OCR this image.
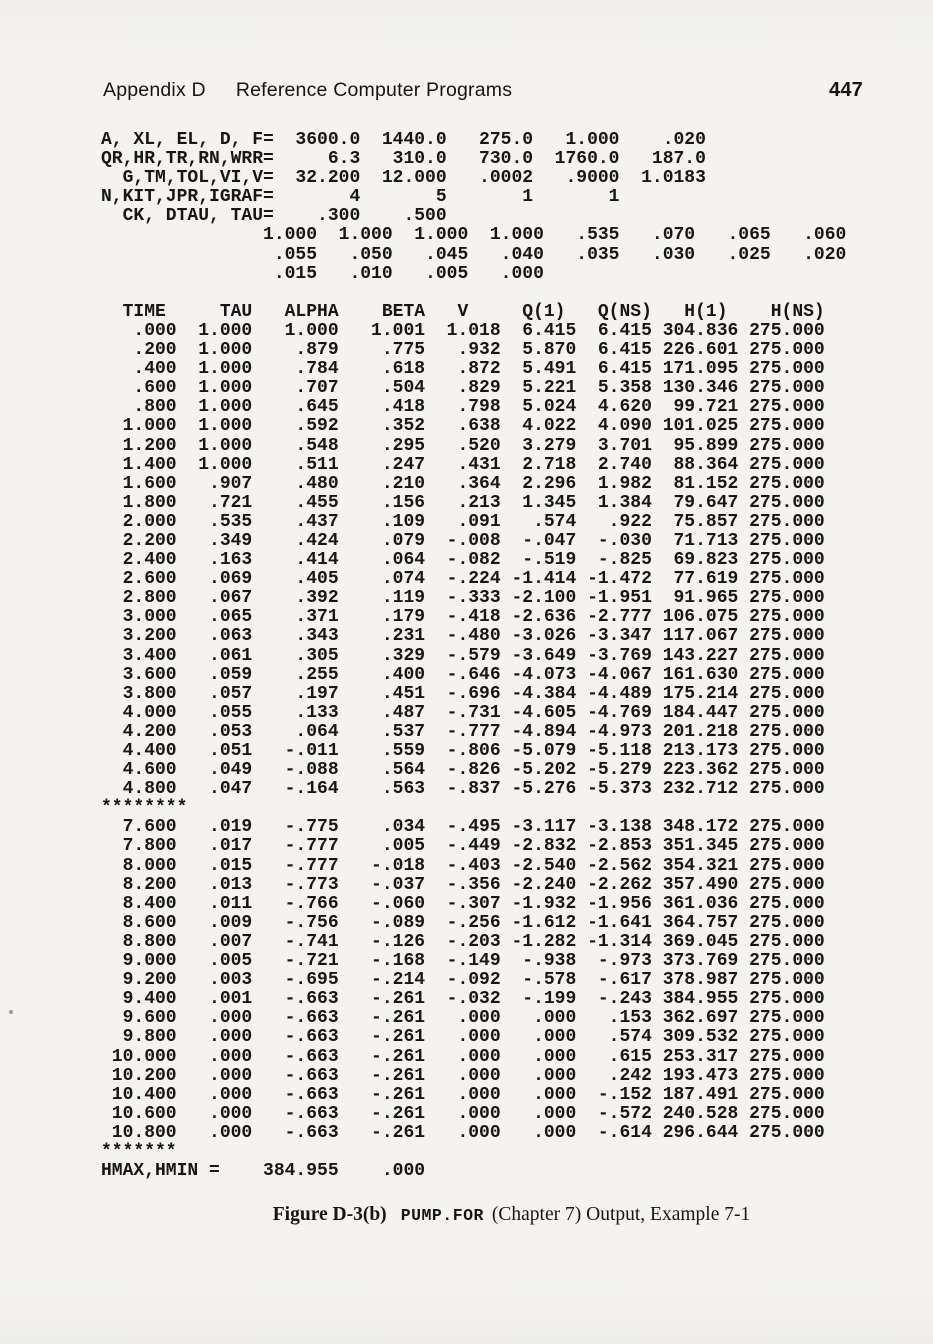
Appendix D Reference Computer Programs	447
A, XL, EL, D, F=  3600.0  1440.0   275.0   1.000    .020
QR,HR,TR,RN,WRR=     6.3   310.0   730.0  1760.0   187.0
G,TM,TOL,VI,V=  32.200  12.000   .0002   .9000  1.0183
N,KIT,JPR,IGRAF=       4       5       1       1
CK, DTAU, TAU=    .300    .500
1.000  1.000  1.000  1.000   .535   .070   .065   .060
.055   .050   .045   .040   .035   .030   .025   .020
.015   .010   .005   .000
TIME     TAU   ALPHA    BETA   V     Q(1)   Q(NS)   H(1)    H(NS)
.000  1.000   1.000   1.001  1.018  6.415  6.415 304.836 275.000
.200  1.000    .879    .775   .932  5.870  6.415 226.601 275.000
.400  1.000    .784    .618   .872  5.491  6.415 171.095 275.000
.600  1.000    .707    .504   .829  5.221  5.358 130.346 275.000
.800  1.000    .645    .418   .798  5.024  4.620  99.721 275.000
1.000  1.000    .592    .352   .638  4.022  4.090 101.025 275.000
1.200  1.000    .548    .295   .520  3.279  3.701  95.899 275.000
1.400  1.000    .511    .247   .431  2.718  2.740  88.364 275.000
1.600   .907    .480    .210   .364  2.296  1.982  81.152 275.000
1.800   .721    .455    .156   .213  1.345  1.384  79.647 275.000
2.000   .535    .437    .109   .091   .574   .922  75.857 275.000
2.200   .349    .424    .079  -.008  -.047  -.030  71.713 275.000
2.400   .163    .414    .064  -.082  -.519  -.825  69.823 275.000
2.600   .069    .405    .074  -.224 -1.414 -1.472  77.619 275.000
2.800   .067    .392    .119  -.333 -2.100 -1.951  91.965 275.000
3.000   .065    .371    .179  -.418 -2.636 -2.777 106.075 275.000
3.200   .063    .343    .231  -.480 -3.026 -3.347 117.067 275.000
3.400   .061    .305    .329  -.579 -3.649 -3.769 143.227 275.000
3.600   .059    .255    .400  -.646 -4.073 -4.067 161.630 275.000
3.800   .057    .197    .451  -.696 -4.384 -4.489 175.214 275.000
4.000   .055    .133    .487  -.731 -4.605 -4.769 184.447 275.000
4.200   .053    .064    .537  -.777 -4.894 -4.973 201.218 275.000
4.400   .051   -.011    .559  -.806 -5.079 -5.118 213.173 275.000
4.600   .049   -.088    .564  -.826 -5.202 -5.279 223.362 275.000
4.800   .047   -.164    .563  -.837 -5.276 -5.373 232.712 275.000
********
7.600   .019   -.775    .034  -.495 -3.117 -3.138 348.172 275.000
7.800   .017   -.777    .005  -.449 -2.832 -2.853 351.345 275.000
8.000   .015   -.777   -.018  -.403 -2.540 -2.562 354.321 275.000
8.200   .013   -.773   -.037  -.356 -2.240 -2.262 357.490 275.000
8.400   .011   -.766   -.060  -.307 -1.932 -1.956 361.036 275.000
8.600   .009   -.756   -.089  -.256 -1.612 -1.641 364.757 275.000
8.800   .007   -.741   -.126  -.203 -1.282 -1.314 369.045 275.000
9.000   .005   -.721   -.168  -.149  -.938  -.973 373.769 275.000
9.200   .003   -.695   -.214  -.092  -.578  -.617 378.987 275.000
9.400   .001   -.663   -.261  -.032  -.199  -.243 384.955 275.000
9.600   .000   -.663   -.261   .000   .000   .153 362.697 275.000
9.800   .000   -.663   -.261   .000   .000   .574 309.532 275.000
10.000   .000   -.663   -.261   .000   .000   .615 253.317 275.000
10.200   .000   -.663   -.261   .000   .000   .242 193.473 275.000
10.400   .000   -.663   -.261   .000   .000  -.152 187.491 275.000
10.600   .000   -.663   -.261   .000   .000  -.572 240.528 275.000
10.800   .000   -.663   -.261   .000   .000  -.614 296.644 275.000
*******
HMAX,HMIN =    384.955    .000
Figure D-3(b) PUMP.FOR (Chapter 7) Output, Example 7-1
